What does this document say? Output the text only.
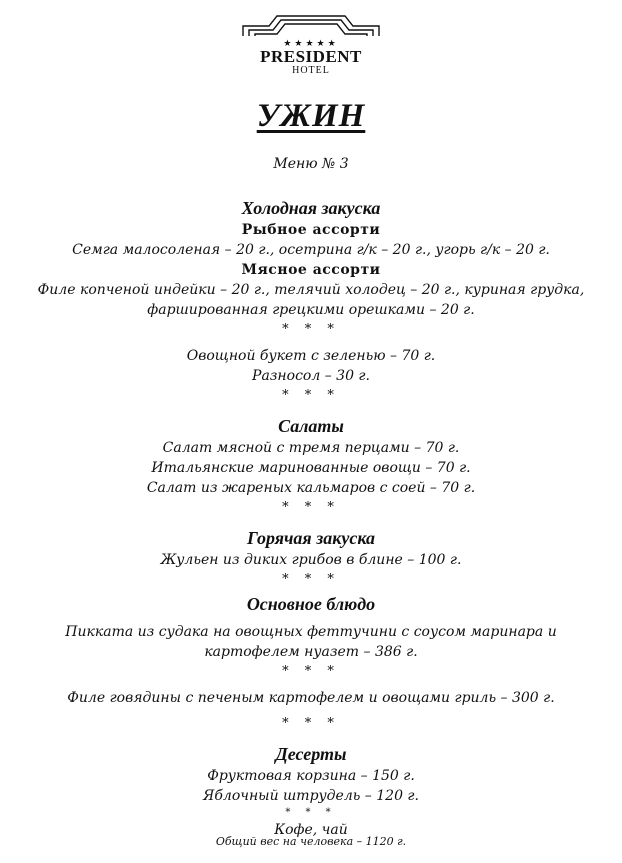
★★★★★
PRESIDENT
HOTEL
УЖИН
Меню № 3
Холодная закуска
Рыбное ассорти
Семга малосоленая – 20 г., осетрина г/к – 20 г., угорь г/к – 20 г.
Мясное ассорти
Филе копченой индейки – 20 г., телячий холодец – 20 г., куриная грудка,
фаршированная грецкими орешками – 20 г.
* * *
Овощной букет с зеленью – 70 г.
Разносол – 30 г.
* * *
Салаты
Салат мясной с тремя перцами – 70 г.
Итальянские маринованные овощи – 70 г.
Салат из жареных кальмаров с соей – 70 г.
* * *
Горячая закуска
Жульен из диких грибов в блине – 100 г.
* * *
Основное блюдо
Пикката из судака на овощных феттучини с соусом маринара и
картофелем нуазет – 386 г.
* * *
Филе говядины с печеным картофелем и овощами гриль – 300 г.
* * *
Десерты
Фруктовая корзина – 150 г.
Яблочный штрудель – 120 г.
* * *
Кофе, чай
Общий вес на человека – 1120 г.
